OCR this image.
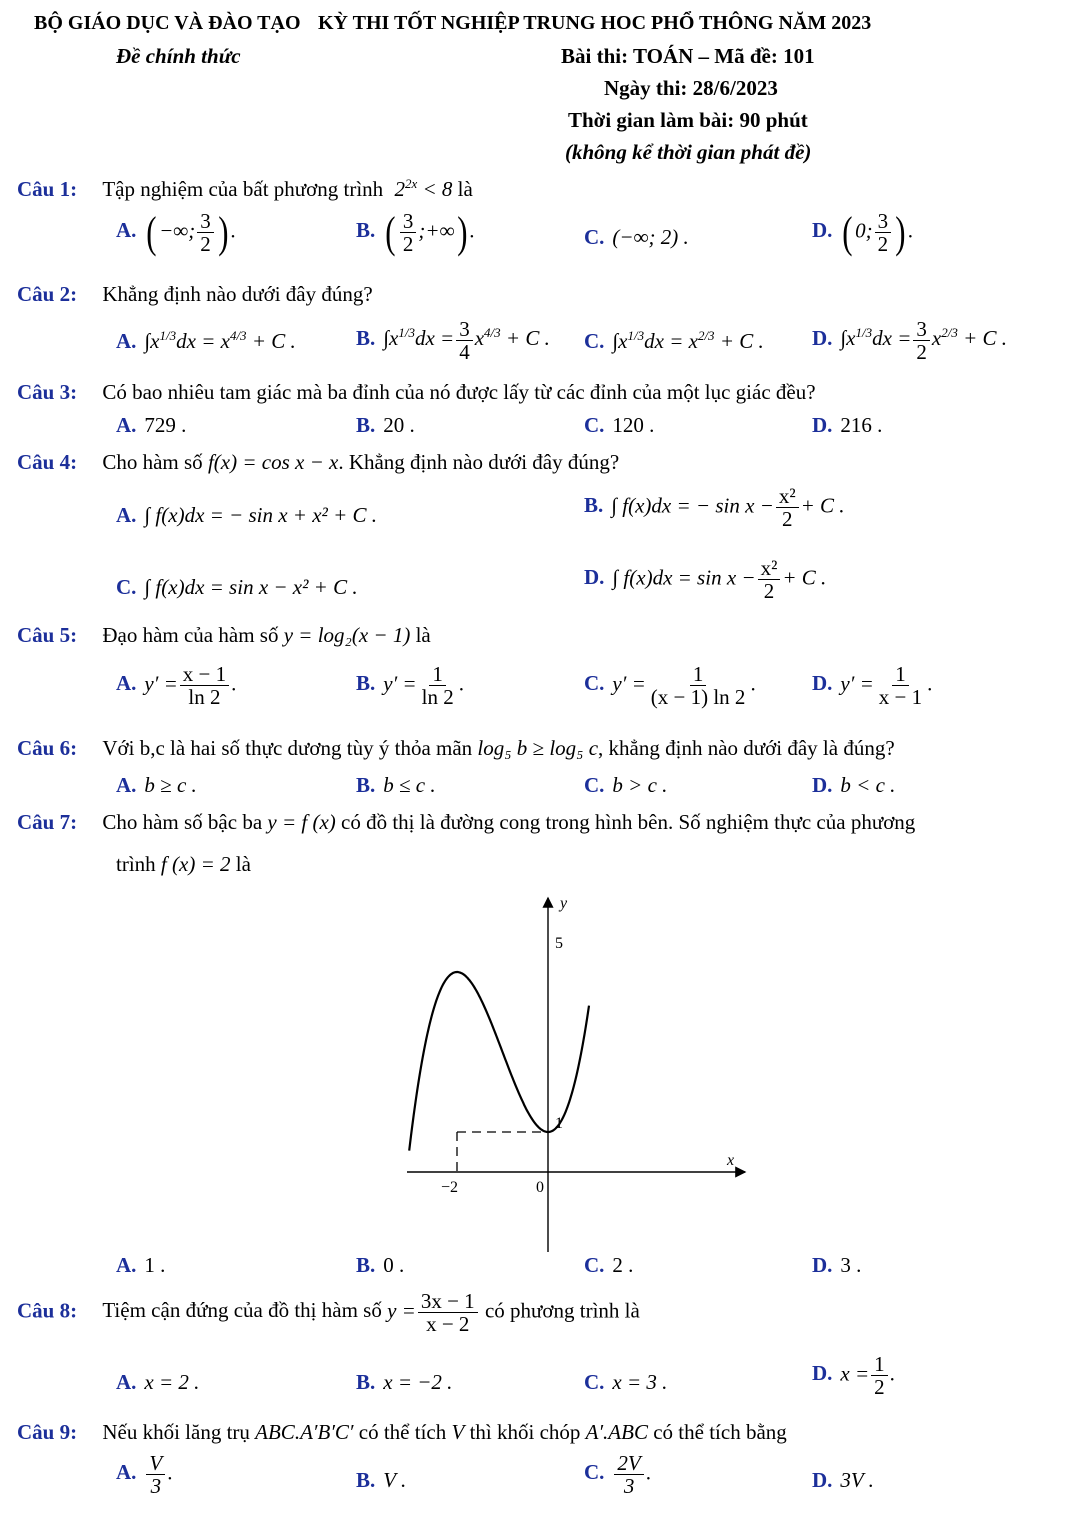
BỘ GIÁO DỤC VÀ ĐÀO TẠO KỲ THI TỐT NGHIỆP TRUNG HOC PHỔ THÔNG NĂM 2023
Đề chính thức	Bài thi: TOÁN – Mã đề: 101
Ngày thi: 28/6/2023
Thời gian làm bài: 90 phút
(không kể thời gian phát đề)
Câu 1: Tập nghiệm của bất phương trình $2^{2x} < 8$ là
A. ( −∞; $\frac{3}{2}$ ) .	B. ( $\frac{3}{2}$ ;+∞) .	C. (−∞; 2) .	D. ( 0; $\frac{3}{2}$ ) .
Câu 2: Khẳng định nào dưới đây đúng?
A. $\int x^{1/3}dx = x^{4/3} + C$ .	B. $\int x^{1/3}dx = \frac{3}{4} x^{4/3} + C$ . C. $\int x^{1/3}dx = x^{2/3} + C$ . D. $\int x^{1/3}dx = \frac{3}{2} x^{2/3} + C$ .
Câu 3: Có bao nhiêu tam giác mà ba đỉnh của nó được lấy từ các đỉnh của một lục giác đều?
A. 729 .	B. 20 .	C. 120 .	D. 216 .
Câu 4: Cho hàm số f(x) = cos x − x. Khẳng định nào dưới đây đúng?
A. ∫ f(x)dx = − sin x + x² + C .	B. ∫ f(x)dx = − $\sin x - \frac{\text{x²}}{2} + C$ .
C. ∫ f(x)dx = sin x − x² + C .	D. ∫ $f(x)dx = \sin x - \frac{\text{x²}}{2} + C$ .
Câu 5: Đạo hàm của hàm số y = log₂(x − 1) là
A. $y' = \frac{x - 1}{\ln 2}$ .	B. $y' = \frac{1}{\ln 2}$ .	C. $y' = \frac{1}{(x - 1) \ln 2}$ .	D. $y' = \frac{1}{x - 1}$ .
Câu 6: Với b,c là hai số thực dương tùy ý thỏa mãn log₅ b ≥ log₅ c, khẳng định nào dưới đây là đúng?
A. b ≥ c .	B. b ≤ c .	C. b > c .	D. b < c .
Câu 7: Cho hàm số bậc ba y = f (x) có đồ thị là đường cong trong hình bên. Số nghiệm thực của phương
trình f (x) = 2 là
y
x
5
1
−2	0
A. 1 .	B. 0 .	C. 2 .	D. 3 .
Câu 8: Tiệm cận đứng của đồ thị hàm số $y = \frac{3x - 1}{x - 2}$ có phương trình là
A. x = 2 .	B. x = −2 .	C. x = 3 .	D. $x = \frac{1}{2}$ .
Câu 9: Nếu khối lăng trụ ABC.A′B′C′ có thể tích V thì khối chóp A′.ABC có thể tích bằng
A. $\frac{V}{3}$ .	B. V .	C. $\frac{2V}{3}$ .	D. 3V .
